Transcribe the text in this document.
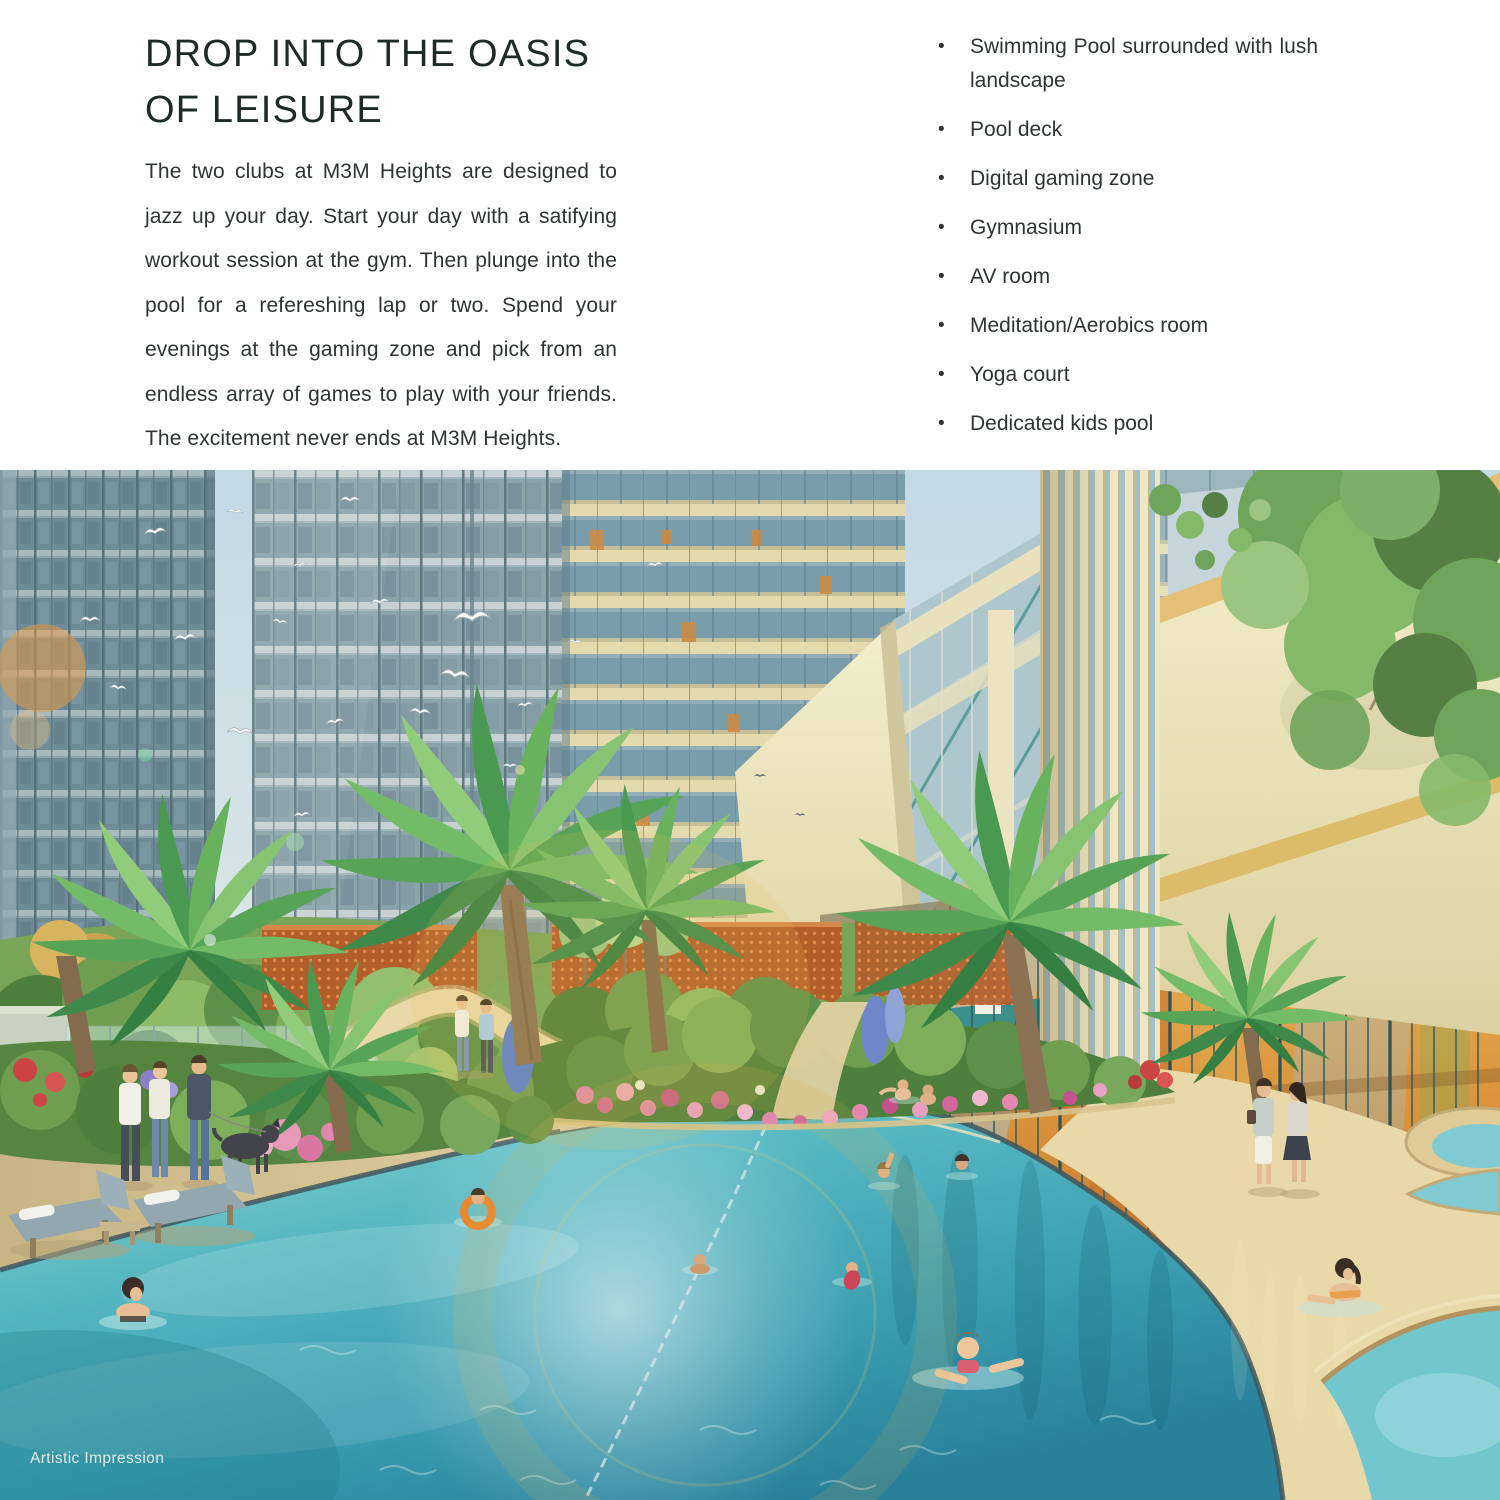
DROP INTO THE OASIS
OF LEISURE

The two clubs at M3M Heights are designed to jazz up your day. Start your day with a satifying workout session at the gym. Then plunge into the pool for a refereshing lap or two. Spend your evenings at the gaming zone and pick from an endless array of games to play with your friends. The excitement never ends at M3M Heights.

• Swimming Pool surrounded with lush landscape
• Pool deck
• Digital gaming zone
• Gymnasium
• AV room
• Meditation/Aerobics room
• Yoga court
• Dedicated kids pool
Artistic Impression
